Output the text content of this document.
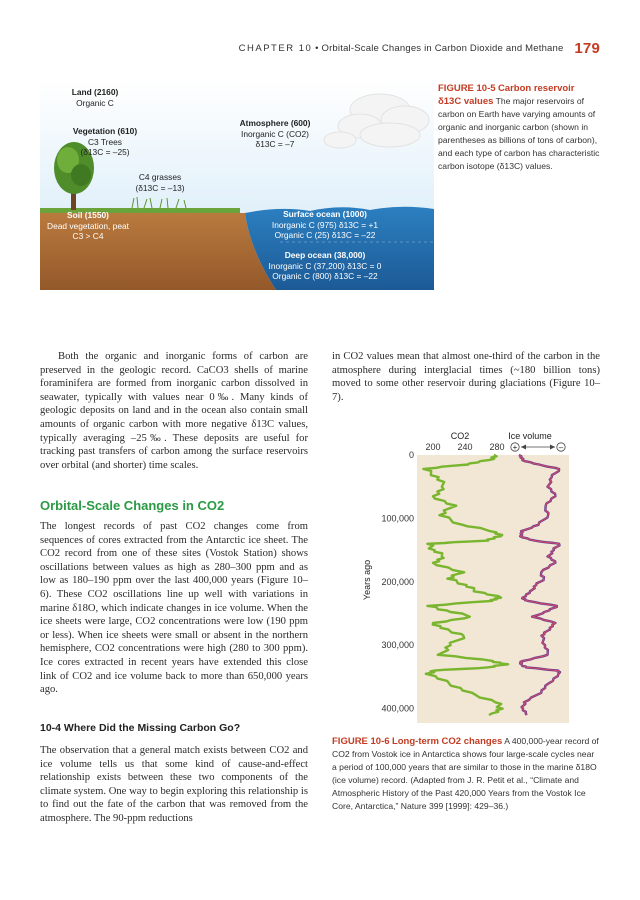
CHAPTER 10 • Orbital-Scale Changes in Carbon Dioxide and Methane 179
Land (2160)
Organic C
Vegetation (610)
C3 Trees
(δ13C = –25)
C4 grasses
(δ13C = –13)
Atmosphere (600)
Inorganic C (CO2)
δ13C = –7
Soil (1550)
Dead vegetation, peat
C3 > C4
Surface ocean (1000)
Inorganic C (975) δ13C = +1
Organic C (25) δ13C = –22
Deep ocean (38,000)
Inorganic C (37,200) δ13C = 0
Organic C (800) δ13C = –22
FIGURE 10-5 Carbon reservoir δ13C values The major reservoirs of carbon on Earth have varying amounts of organic and inorganic carbon (shown in parentheses as billions of tons of carbon), and each type of carbon has characteristic carbon isotope (δ13C) values.

Both the organic and inorganic forms of carbon are preserved in the geologic record. CaCO3 shells of marine foraminifera are formed from inorganic carbon dissolved in seawater, typically with values near 0‰. Many kinds of geologic deposits on land and in the ocean also contain small amounts of organic carbon with more negative δ13C values, typically averaging –25‰. These deposits are useful for tracking past transfers of carbon among the surface reservoirs over orbital (and shorter) time scales.

Orbital-Scale Changes in CO2

The longest records of past CO2 changes come from sequences of cores extracted from the Antarctic ice sheet. The CO2 record from one of these sites (Vostok Station) shows oscillations between values as high as 280–300 ppm and as low as 180–190 ppm over the last 400,000 years (Figure 10–6). These CO2 oscillations line up well with variations in marine δ18O, which indicate changes in ice volume. When the ice sheets were large, CO2 concentrations were low (190 ppm or less). When ice sheets were small or absent in the northern hemisphere, CO2 concentrations were high (280 to 300 ppm). Ice cores extracted in recent years have extended this close link of CO2 and ice volume back to more than 650,000 years ago.

10-4 Where Did the Missing Carbon Go?

The observation that a general match exists between CO2 and ice volume tells us that some kind of cause-and-effect relationship exists between these two components of the climate system. One way to begin exploring this relationship is to find out the fate of the carbon that was removed from the atmosphere. The 90-ppm reductions

in CO2 values mean that almost one-third of the carbon in the atmosphere during interglacial times (~180 billion tons) moved to some other reservoir during glaciations (Figure 10–7).

CO2	Ice volume
Years ago
0
100,000
200,000
300,000
400,000
200 240 280 +	–
FIGURE 10-6 Long-term CO2 changes A 400,000-year record of CO2 from Vostok ice in Antarctica shows four large-scale cycles near a period of 100,000 years that are similar to those in the marine δ18O (ice volume) record. (Adapted from J. R. Petit et al., “Climate and Atmospheric History of the Past 420,000 Years from the Vostok Ice Core, Antarctica,” Nature 399 [1999]: 429–36.)
